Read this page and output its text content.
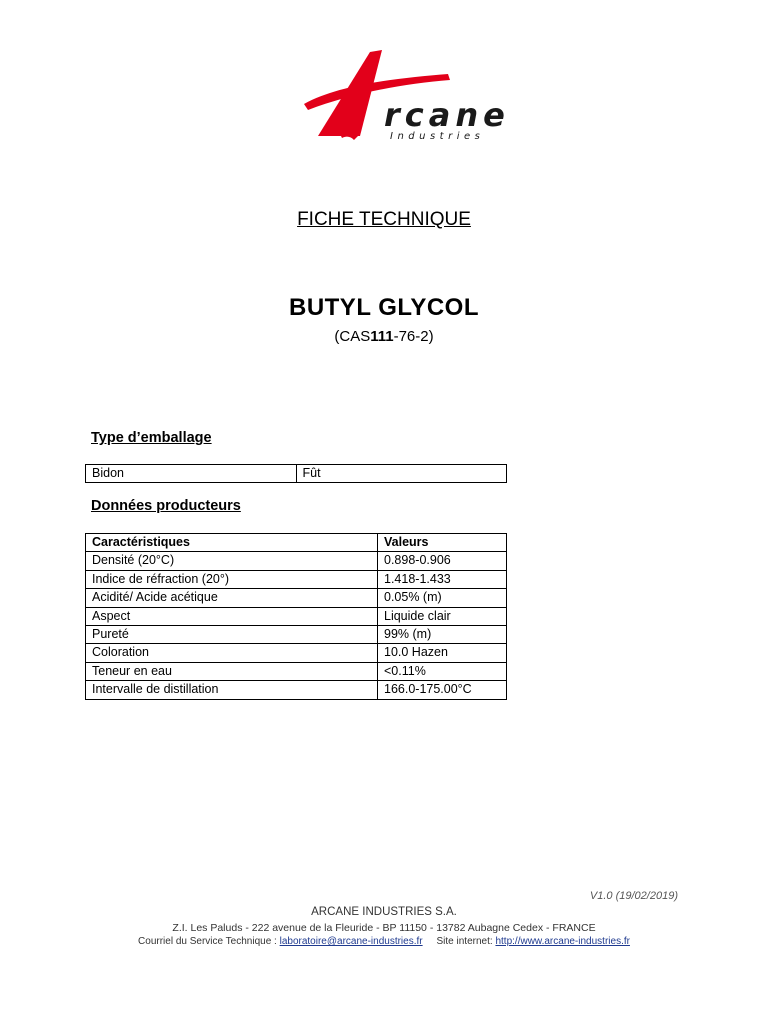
rcane
Industries
FICHE TECHNIQUE
BUTYL GLYCOL
(CAS111-76-2)
Type d’emballage
Bidon	Fût
Données producteurs
Caractéristiques	Valeurs
Densité (20°C)	0.898-0.906
Indice de réfraction (20°)	1.418-1.433
Acidité/ Acide acétique	0.05% (m)
Aspect	Liquide clair
Pureté	99% (m)
Coloration	10.0 Hazen
Teneur en eau	<0.11%
Intervalle de distillation	166.0-175.00°C
V1.0 (19/02/2019)
ARCANE INDUSTRIES S.A.
Z.I. Les Paluds - 222 avenue de la Fleuride - BP 11150 - 13782 Aubagne Cedex - FRANCE
Courriel du Service Technique : laboratoire@arcane-industries.fr Site internet: http://www.arcane-industries.fr
